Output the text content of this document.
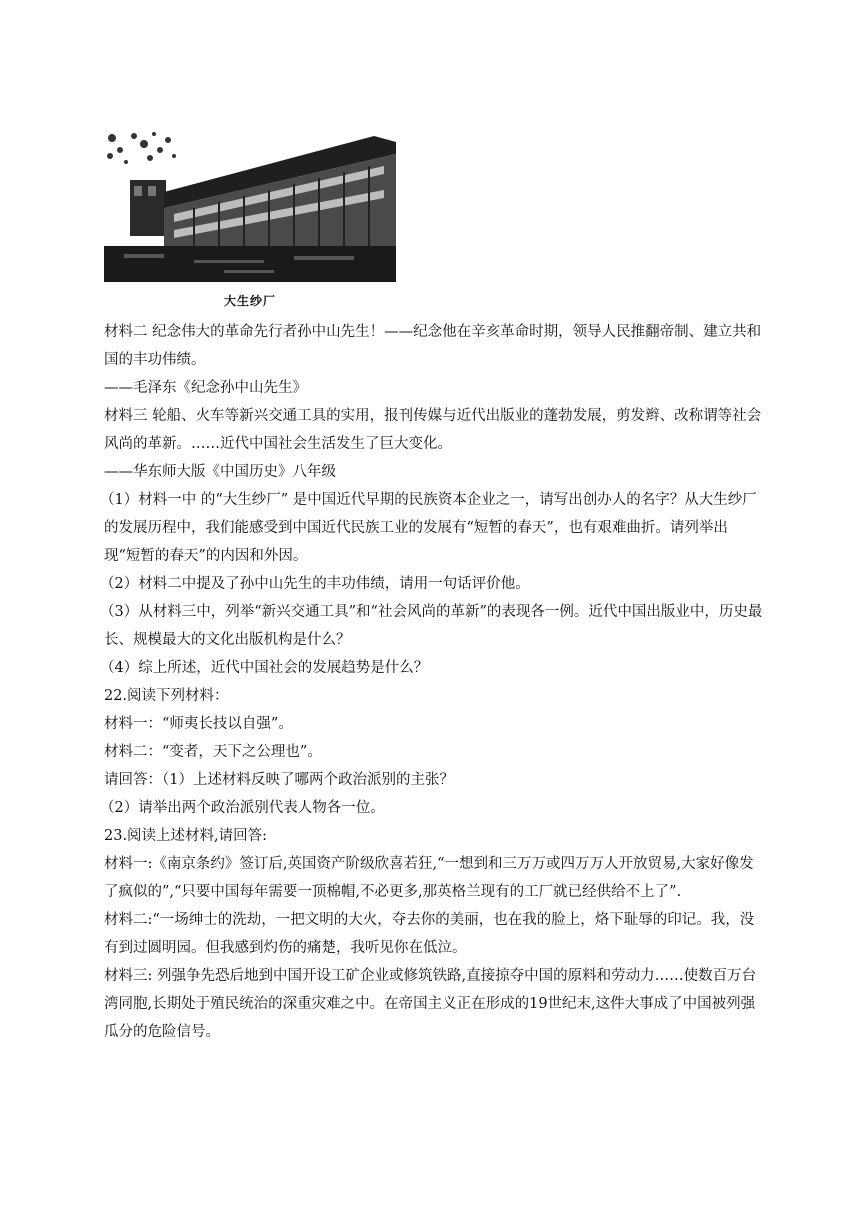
大生纱厂

材料二 纪念伟大的革命先行者孙中山先生！——纪念他在辛亥革命时期，领导人民推翻帝制、建立共和国的丰功伟绩。

——毛泽东《纪念孙中山先生》

材料三 轮船、火车等新兴交通工具的实用，报刊传媒与近代出版业的蓬勃发展，剪发辫、改称谓等社会风尚的革新。……近代中国社会生活发生了巨大变化。

——华东师大版《中国历史》八年级

（1）材料一中 的“大生纱厂” 是中国近代早期的民族资本企业之一，请写出创办人的名字？从大生纱厂的发展历程中，我们能感受到中国近代民族工业的发展有“短暂的春天”，也有艰难曲折。请列举出现“短暂的春天”的内因和外因。

（2）材料二中提及了孙中山先生的丰功伟绩，请用一句话评价他。

（3）从材料三中，列举“新兴交通工具”和“社会风尚的革新”的表现各一例。近代中国出版业中，历史最长、规模最大的文化出版机构是什么？

（4）综上所述，近代中国社会的发展趋势是什么？

22.阅读下列材料：

材料一：“师夷长技以自强”。

材料二：“变者，天下之公理也”。

请回答：（1）上述材料反映了哪两个政治派别的主张？

（2）请举出两个政治派别代表人物各一位。

23.阅读上述材料,请回答:

材料一:《南京条约》签订后,英国资产阶级欣喜若狂,“一想到和三万万或四万万人开放贸易,大家好像发了疯似的”,“只要中国每年需要一顶棉帽,不必更多,那英格兰现有的工厂就已经供给不上了”.

材料二:“一场绅士的洗劫，一把文明的大火，夺去你的美丽，也在我的脸上，烙下耻辱的印记。我，没有到过圆明园。但我感到灼伤的痛楚，我听见你在低泣。

材料三: 列强争先恐后地到中国开设工矿企业或修筑铁路,直接掠夺中国的原料和劳动力……使数百万台湾同胞,长期处于殖民统治的深重灾难之中。在帝国主义正在形成的19世纪末,这件大事成了中国被列强瓜分的危险信号。
